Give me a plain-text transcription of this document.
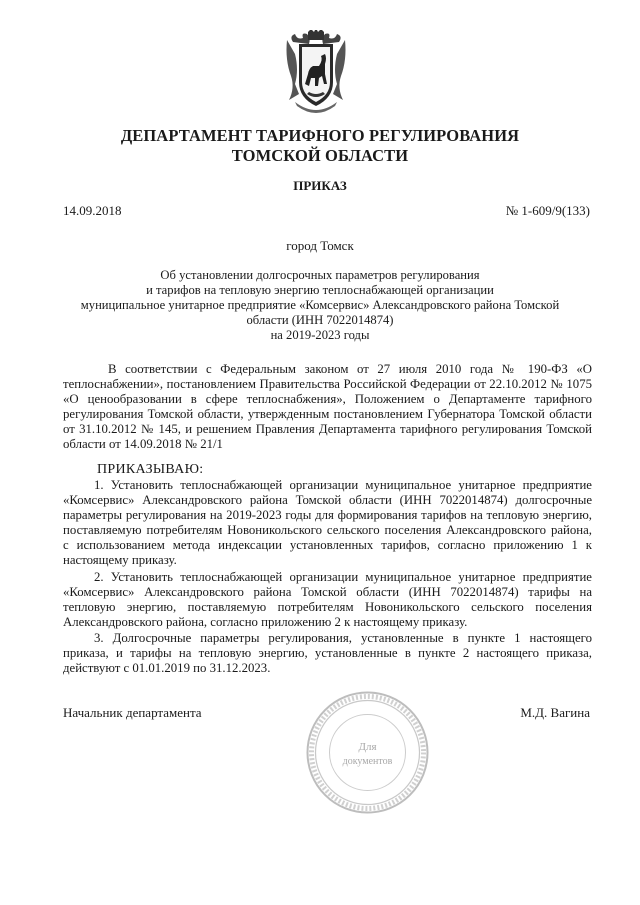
ДЕПАРТАМЕНТ ТАРИФНОГО РЕГУЛИРОВАНИЯ
ТОМСКОЙ ОБЛАСТИ
ПРИКАЗ
14.09.2018	№ 1-609/9(133)
город Томск
Об установлении долгосрочных параметров регулирования
и тарифов на тепловую энергию теплоснабжающей организации
муниципальное унитарное предприятие «Комсервис» Александровского района Томской
области (ИНН 7022014874)
на 2019-2023 годы
В соответствии с Федеральным законом от 27 июля 2010 года № 190-ФЗ «О
теплоснабжении», постановлением Правительства Российской Федерации от 22.10.2012 № 1075
«О ценообразовании в сфере теплоснабжения», Положением о Департаменте тарифного
регулирования Томской области, утвержденным постановлением Губернатора Томской области
от 31.10.2012 № 145, и решением Правления Департамента тарифного регулирования Томской
области от 14.09.2018 № 21/1
ПРИКАЗЫВАЮ:
1. Установить теплоснабжающей организации муниципальное унитарное предприятие
«Комсервис» Александровского района Томской области (ИНН 7022014874) долгосрочные
параметры регулирования на 2019-2023 годы для формирования тарифов на тепловую энергию,
поставляемую потребителям Новоникольского сельского поселения Александровского района,
с использованием метода индексации установленных тарифов, согласно приложению 1 к
настоящему приказу.
2. Установить теплоснабжающей организации муниципальное унитарное предприятие
«Комсервис» Александровского района Томской области (ИНН 7022014874) тарифы на
тепловую энергию, поставляемую потребителям Новоникольского сельского поселения
Александровского района, согласно приложению 2 к настоящему приказу.
3. Долгосрочные параметры регулирования, установленные в пункте 1 настоящего
приказа, и тарифы на тепловую энергию, установленные в пункте 2 настоящего приказа,
действуют с 01.01.2019 по 31.12.2023.
Для
документов
Начальник департамента	М.Д. Вагина
